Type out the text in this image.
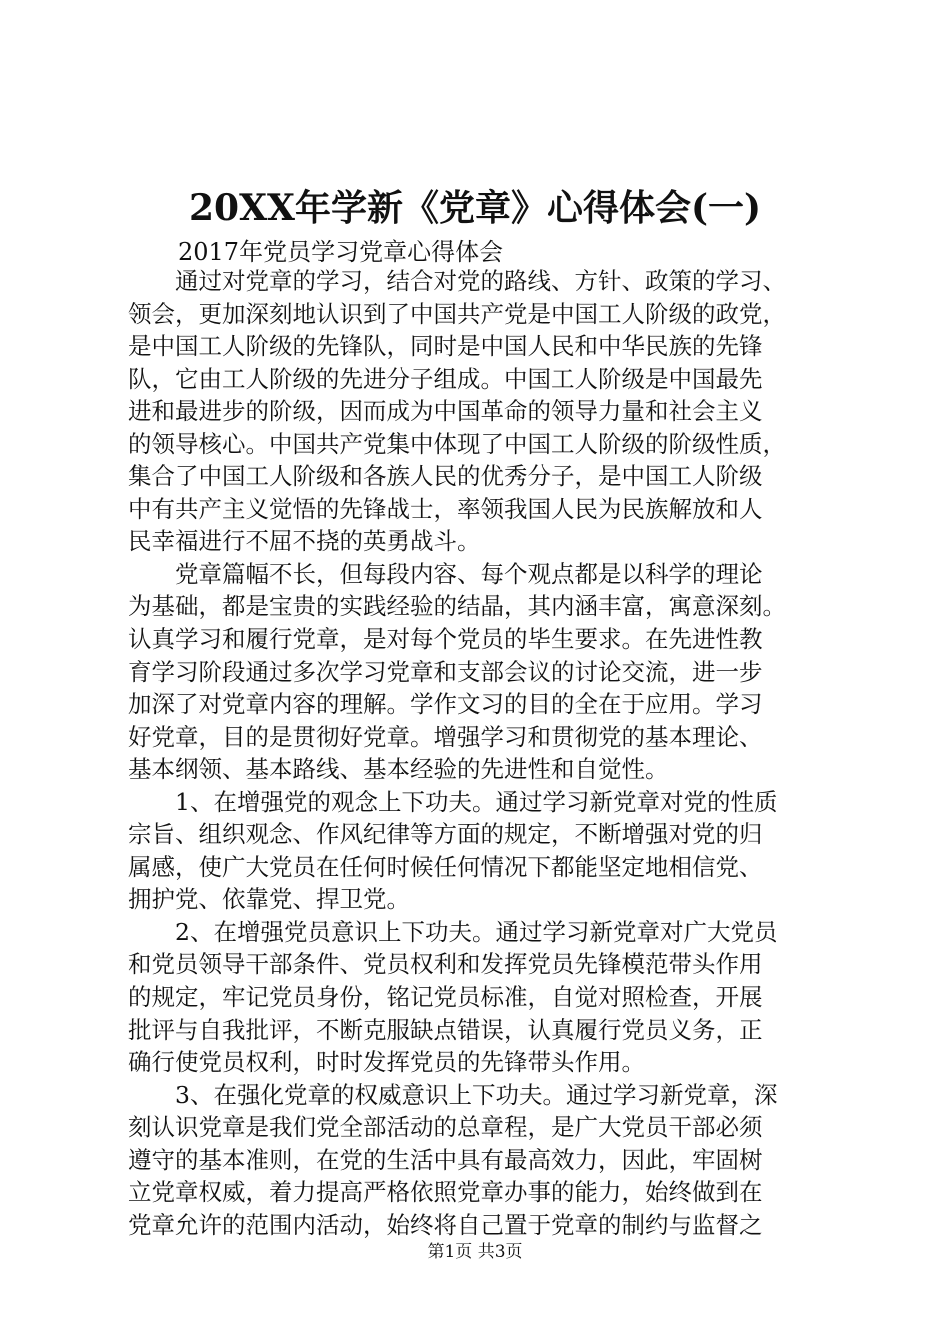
20XX年学新《党章》心得体会(一)
2017年党员学习党章心得体会
　　通过对党章的学习，结合对党的路线、方针、政策的学习、
领会，更加深刻地认识到了中国共产党是中国工人阶级的政党，
是中国工人阶级的先锋队，同时是中国人民和中华民族的先锋
队，它由工人阶级的先进分子组成。中国工人阶级是中国最先
进和最进步的阶级，因而成为中国革命的领导力量和社会主义
的领导核心。中国共产党集中体现了中国工人阶级的阶级性质，
集合了中国工人阶级和各族人民的优秀分子，是中国工人阶级
中有共产主义觉悟的先锋战士，率领我国人民为民族解放和人
民幸福进行不屈不挠的英勇战斗。
　　党章篇幅不长，但每段内容、每个观点都是以科学的理论
为基础，都是宝贵的实践经验的结晶，其内涵丰富，寓意深刻。
认真学习和履行党章，是对每个党员的毕生要求。在先进性教
育学习阶段通过多次学习党章和支部会议的讨论交流，进一步
加深了对党章内容的理解。学作文习的目的全在于应用。学习
好党章，目的是贯彻好党章。增强学习和贯彻党的基本理论、
基本纲领、基本路线、基本经验的先进性和自觉性。
　　1、在增强党的观念上下功夫。通过学习新党章对党的性质
宗旨、组织观念、作风纪律等方面的规定，不断增强对党的归
属感，使广大党员在任何时候任何情况下都能坚定地相信党、
拥护党、依靠党、捍卫党。
　　2、在增强党员意识上下功夫。通过学习新党章对广大党员
和党员领导干部条件、党员权利和发挥党员先锋模范带头作用
的规定，牢记党员身份，铭记党员标准，自觉对照检查，开展
批评与自我批评，不断克服缺点错误，认真履行党员义务，正
确行使党员权利，时时发挥党员的先锋带头作用。
　　3、在强化党章的权威意识上下功夫。通过学习新党章，深
刻认识党章是我们党全部活动的总章程，是广大党员干部必须
遵守的基本准则，在党的生活中具有最高效力，因此，牢固树
立党章权威，着力提高严格依照党章办事的能力，始终做到在
党章允许的范围内活动，始终将自己置于党章的制约与监督之
第1页 共3页
